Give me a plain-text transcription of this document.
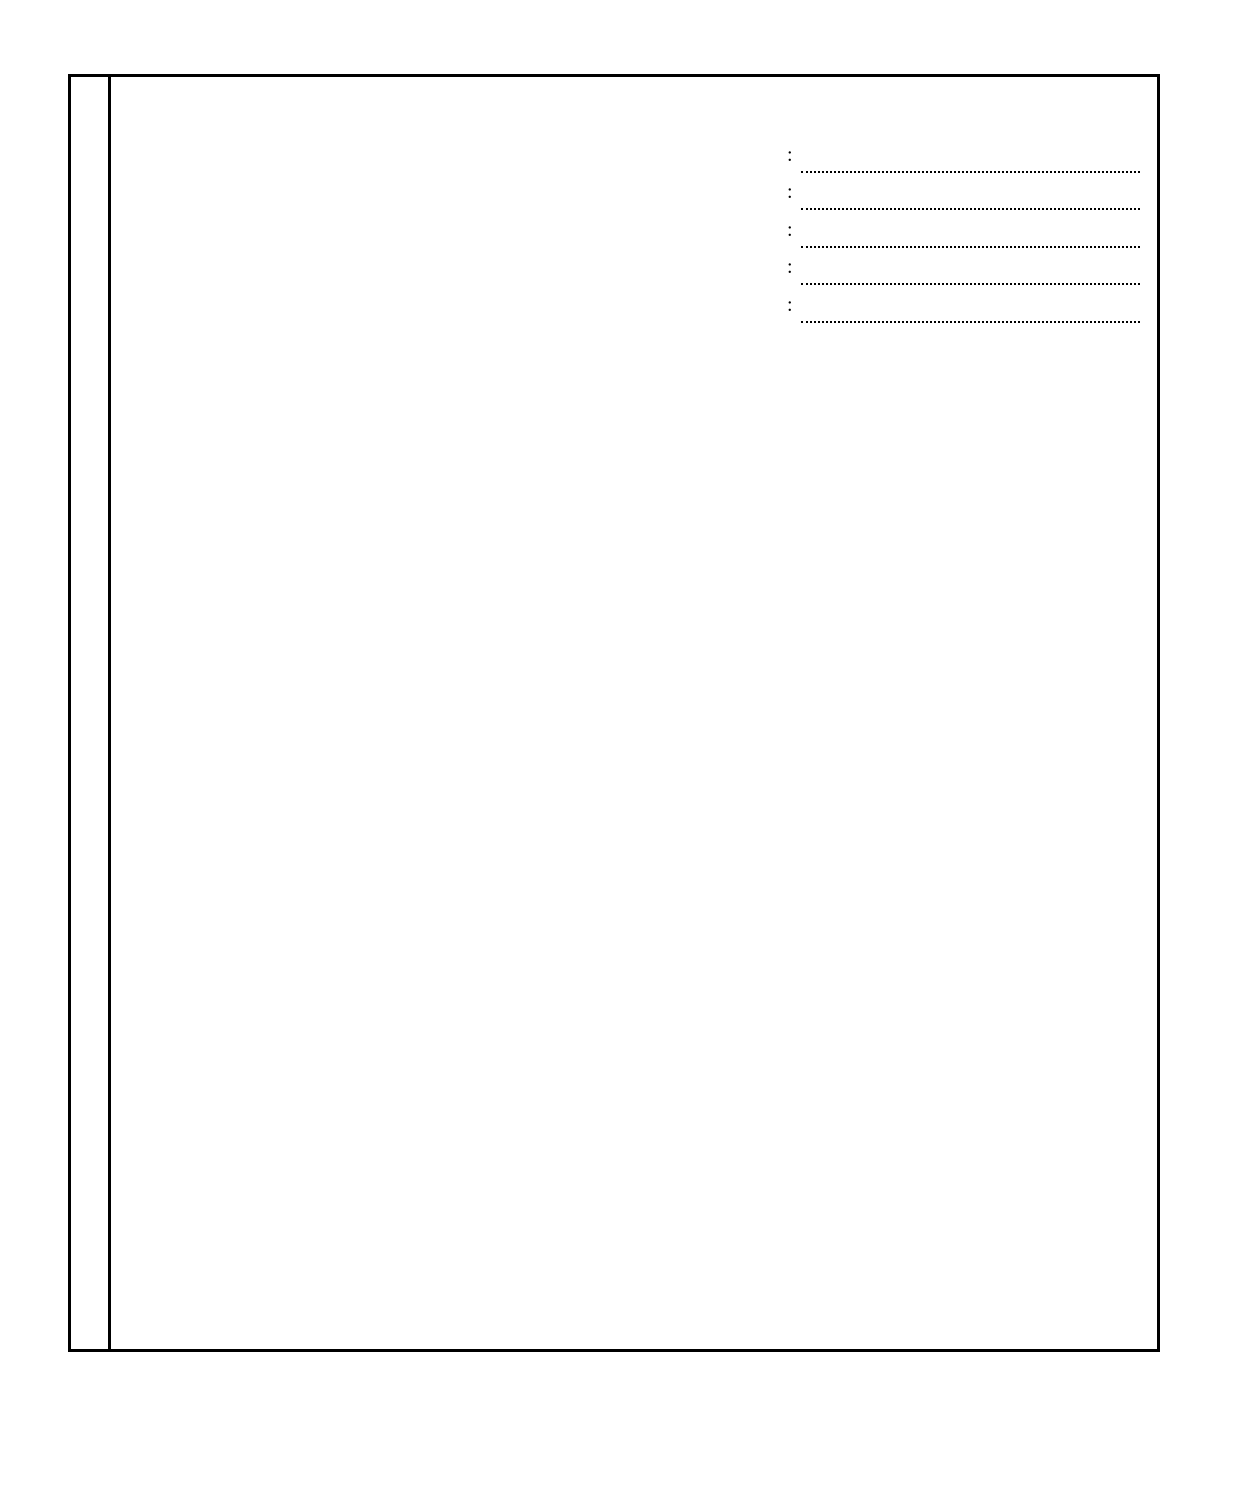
:
:
:
:
:
